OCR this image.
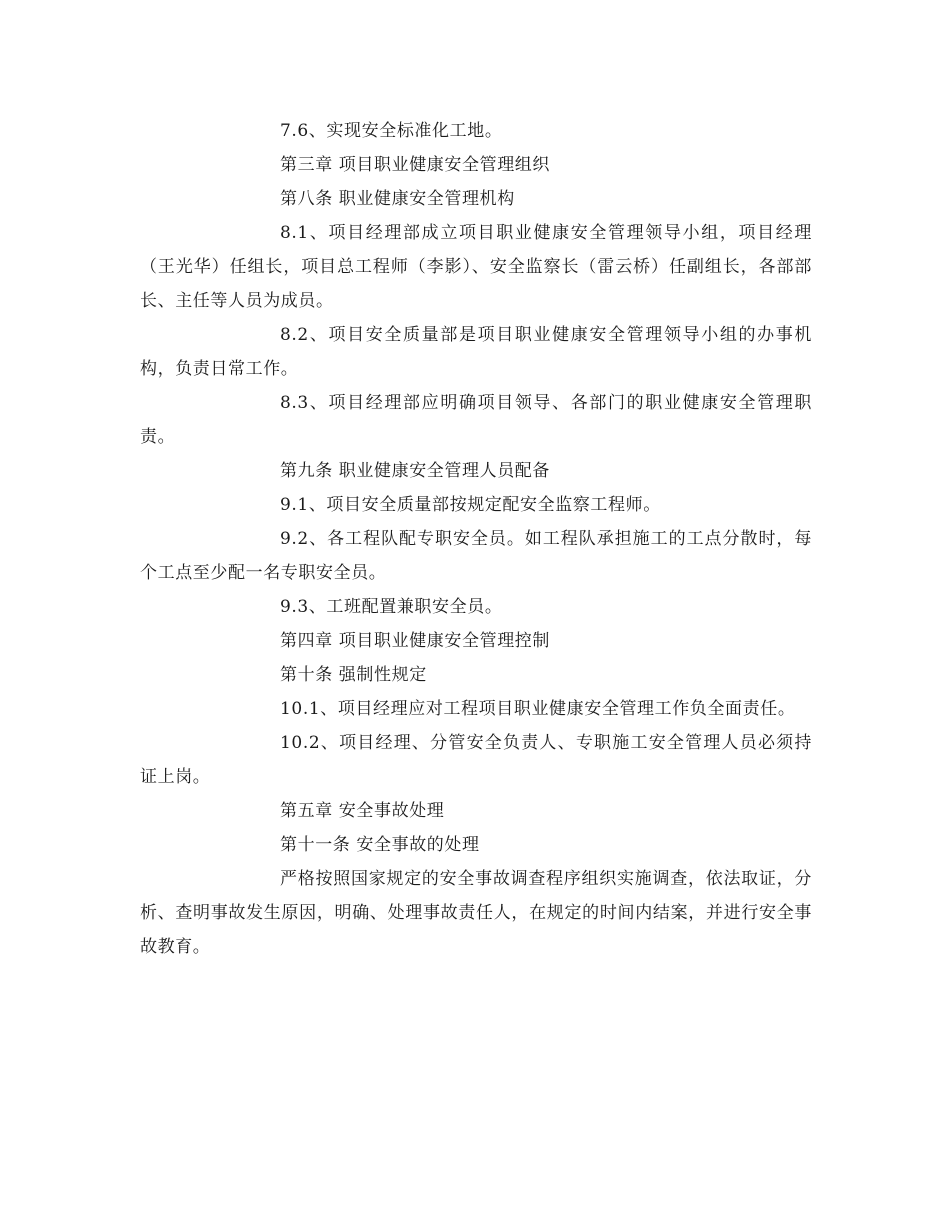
7.6、实现安全标准化工地。

第三章 项目职业健康安全管理组织

第八条 职业健康安全管理机构

8.1、项目经理部成立项目职业健康安全管理领导小组，项目经理（王光华）任组长，项目总工程师（李影）、安全监察长（雷云桥）任副组长，各部部长、主任等人员为成员。

8.2、项目安全质量部是项目职业健康安全管理领导小组的办事机构，负责日常工作。

8.3、项目经理部应明确项目领导、各部门的职业健康安全管理职责。

第九条 职业健康安全管理人员配备

9.1、项目安全质量部按规定配安全监察工程师。

9.2、各工程队配专职安全员。如工程队承担施工的工点分散时，每个工点至少配一名专职安全员。

9.3、工班配置兼职安全员。

第四章 项目职业健康安全管理控制

第十条 强制性规定

10.1、项目经理应对工程项目职业健康安全管理工作负全面责任。

10.2、项目经理、分管安全负责人、专职施工安全管理人员必须持证上岗。

第五章 安全事故处理

第十一条 安全事故的处理

严格按照国家规定的安全事故调查程序组织实施调查，依法取证，分析、查明事故发生原因，明确、处理事故责任人，在规定的时间内结案，并进行安全事故教育。
